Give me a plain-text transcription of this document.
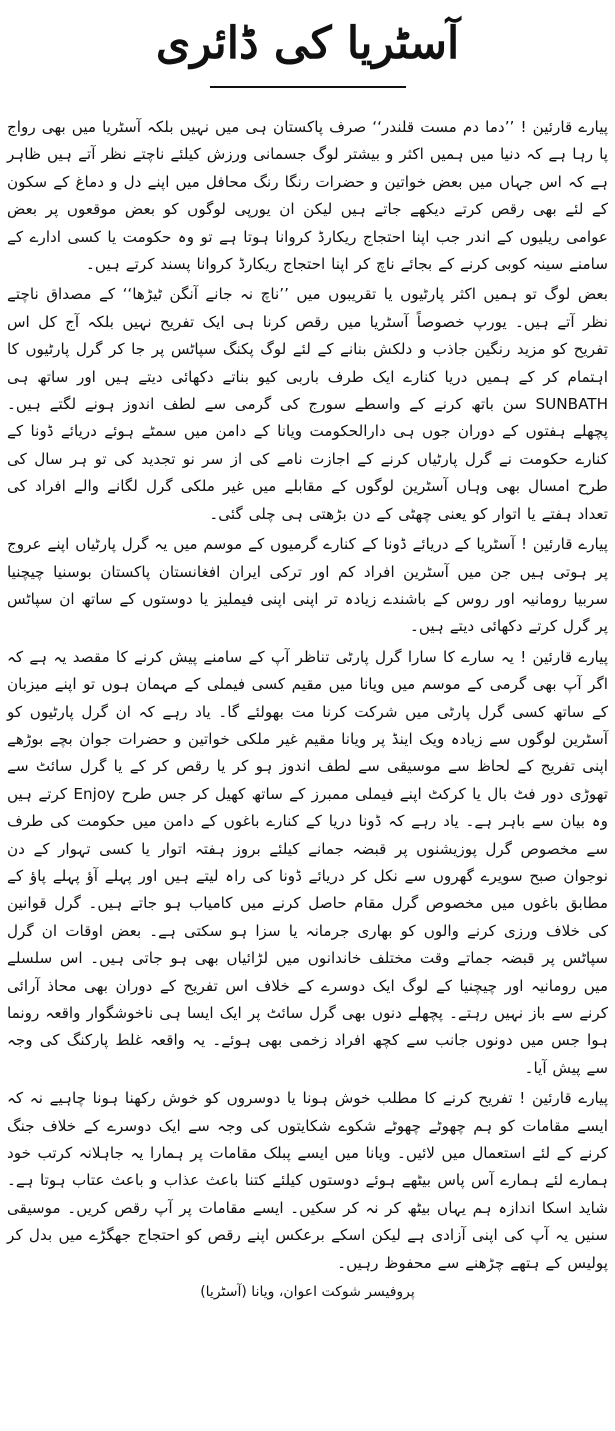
آسٹریا کی ڈائری

پیارے قارئین ! ’’دما دم مست قلندر‘‘ صرف پاکستان ہی میں نہیں بلکہ آسٹریا میں بھی رواج پا رہا ہے کہ دنیا میں ہمیں اکثر و بیشتر لوگ جسمانی ورزش کیلئے ناچتے نظر آتے ہیں ظاہر ہے کہ اس جہاں میں بعض خواتین و حضرات رنگا رنگ محافل میں اپنے دل و دماغ کے سکون کے لئے بھی رقص کرتے دیکھے جاتے ہیں لیکن ان یورپی لوگوں کو بعض موقعوں پر بعض عوامی ریلیوں کے اندر جب اپنا احتجاج ریکارڈ کروانا ہوتا ہے تو وہ حکومت یا کسی ادارے کے سامنے سینہ کوبی کرنے کے بجائے ناچ کر اپنا احتجاج ریکارڈ کروانا پسند کرتے ہیں۔

بعض لوگ تو ہمیں اکثر پارٹیوں یا تقریبوں میں ’’ناچ نہ جانے آنگن ٹیڑھا‘‘ کے مصداق ناچتے نظر آتے ہیں۔ یورپ خصوصاً آسٹریا میں رقص کرنا ہی ایک تفریح نہیں بلکہ آج کل اس تفریح کو مزید رنگین جاذب و دلکش بنانے کے لئے لوگ پکنگ سپاٹس پر جا کر گرل پارٹیوں کا اہتمام کر کے ہمیں دریا کنارے ایک طرف باربی کیو بناتے دکھائی دیتے ہیں اور ساتھ ہی SUNBATH سن باتھ کرنے کے واسطے سورج کی گرمی سے لطف اندوز ہونے لگتے ہیں۔ پچھلے ہفتوں کے دوران جوں ہی دارالحکومت ویانا کے دامن میں سمٹے ہوئے دریائے ڈونا کے کنارے حکومت نے گرل پارٹیاں کرنے کے اجازت نامے کی از سر نو تجدید کی تو ہر سال کی طرح امسال بھی وہاں آسٹرین لوگوں کے مقابلے میں غیر ملکی گرل لگانے والے افراد کی تعداد ہفتے یا اتوار کو یعنی چھٹی کے دن بڑھتی ہی چلی گئی۔

پیارے قارئین ! آسٹریا کے دریائے ڈونا کے کنارے گرمیوں کے موسم میں یہ گرل پارٹیاں اپنے عروج پر ہوتی ہیں جن میں آسٹرین افراد کم اور ترکی ایران افغانستان پاکستان بوسنیا چیچنیا سربیا رومانیہ اور روس کے باشندے زیادہ تر اپنی اپنی فیملیز یا دوستوں کے ساتھ ان سپاٹس پر گرل کرتے دکھائی دیتے ہیں۔

پیارے قارئین ! یہ سارے کا سارا گرل پارٹی تناظر آپ کے سامنے پیش کرنے کا مقصد یہ ہے کہ اگر آپ بھی گرمی کے موسم میں ویانا میں مقیم کسی فیملی کے مہمان ہوں تو اپنے میزبان کے ساتھ کسی گرل پارٹی میں شرکت کرنا مت بھولئے گا۔ یاد رہے کہ ان گرل پارٹیوں کو آسٹرین لوگوں سے زیادہ ویک اینڈ پر ویانا مقیم غیر ملکی خواتین و حضرات جوان بچے بوڑھے اپنی تفریح کے لحاظ سے موسیقی سے لطف اندوز ہو کر یا رقص کر کے یا گرل سائٹ سے تھوڑی دور فٹ بال یا کرکٹ اپنے فیملی ممبرز کے ساتھ کھیل کر جس طرح Enjoy کرتے ہیں وہ بیان سے باہر ہے۔ یاد رہے کہ ڈونا دریا کے کنارے باغوں کے دامن میں حکومت کی طرف سے مخصوص گرل پوزیشنوں پر قبضہ جمانے کیلئے بروز ہفتہ اتوار یا کسی تہوار کے دن نوجوان صبح سویرے گھروں سے نکل کر دریائے ڈونا کی راہ لیتے ہیں اور پہلے آؤ پہلے پاؤ کے مطابق باغوں میں مخصوص گرل مقام حاصل کرنے میں کامیاب ہو جاتے ہیں۔ گرل قوانین کی خلاف ورزی کرنے والوں کو بھاری جرمانہ یا سزا ہو سکتی ہے۔ بعض اوقات ان گرل سپاٹس پر قبضہ جماتے وقت مختلف خاندانوں میں لڑائیاں بھی ہو جاتی ہیں۔ اس سلسلے میں رومانیہ اور چیچنیا کے لوگ ایک دوسرے کے خلاف اس تفریح کے دوران بھی محاذ آرائی کرنے سے باز نہیں رہتے۔ پچھلے دنوں بھی گرل سائٹ پر ایک ایسا ہی ناخوشگوار واقعہ رونما ہوا جس میں دونوں جانب سے کچھ افراد زخمی بھی ہوئے۔ یہ واقعہ غلط پارکنگ کی وجہ سے پیش آیا۔

پیارے قارئین ! تفریح کرنے کا مطلب خوش ہونا یا دوسروں کو خوش رکھنا ہونا چاہیے نہ کہ ایسے مقامات کو ہم چھوٹے چھوٹے شکوے شکایتوں کی وجہ سے ایک دوسرے کے خلاف جنگ کرنے کے لئے استعمال میں لائیں۔ ویانا میں ایسے پبلک مقامات پر ہمارا یہ جاہلانہ کرتب خود ہمارے لئے ہمارے آس پاس بیٹھے ہوئے دوستوں کیلئے کتنا باعث عذاب و باعث عتاب ہوتا ہے۔ شاید اسکا اندازہ ہم یہاں بیٹھ کر نہ کر سکیں۔ ایسے مقامات پر آپ رقص کریں۔ موسیقی سنیں یہ آپ کی اپنی آزادی ہے لیکن اسکے برعکس اپنے رقص کو احتجاج جھگڑے میں بدل کر پولیس کے ہتھے چڑھنے سے محفوظ رہیں۔

پروفیسر شوکت اعوان، ویانا (آسٹریا)
